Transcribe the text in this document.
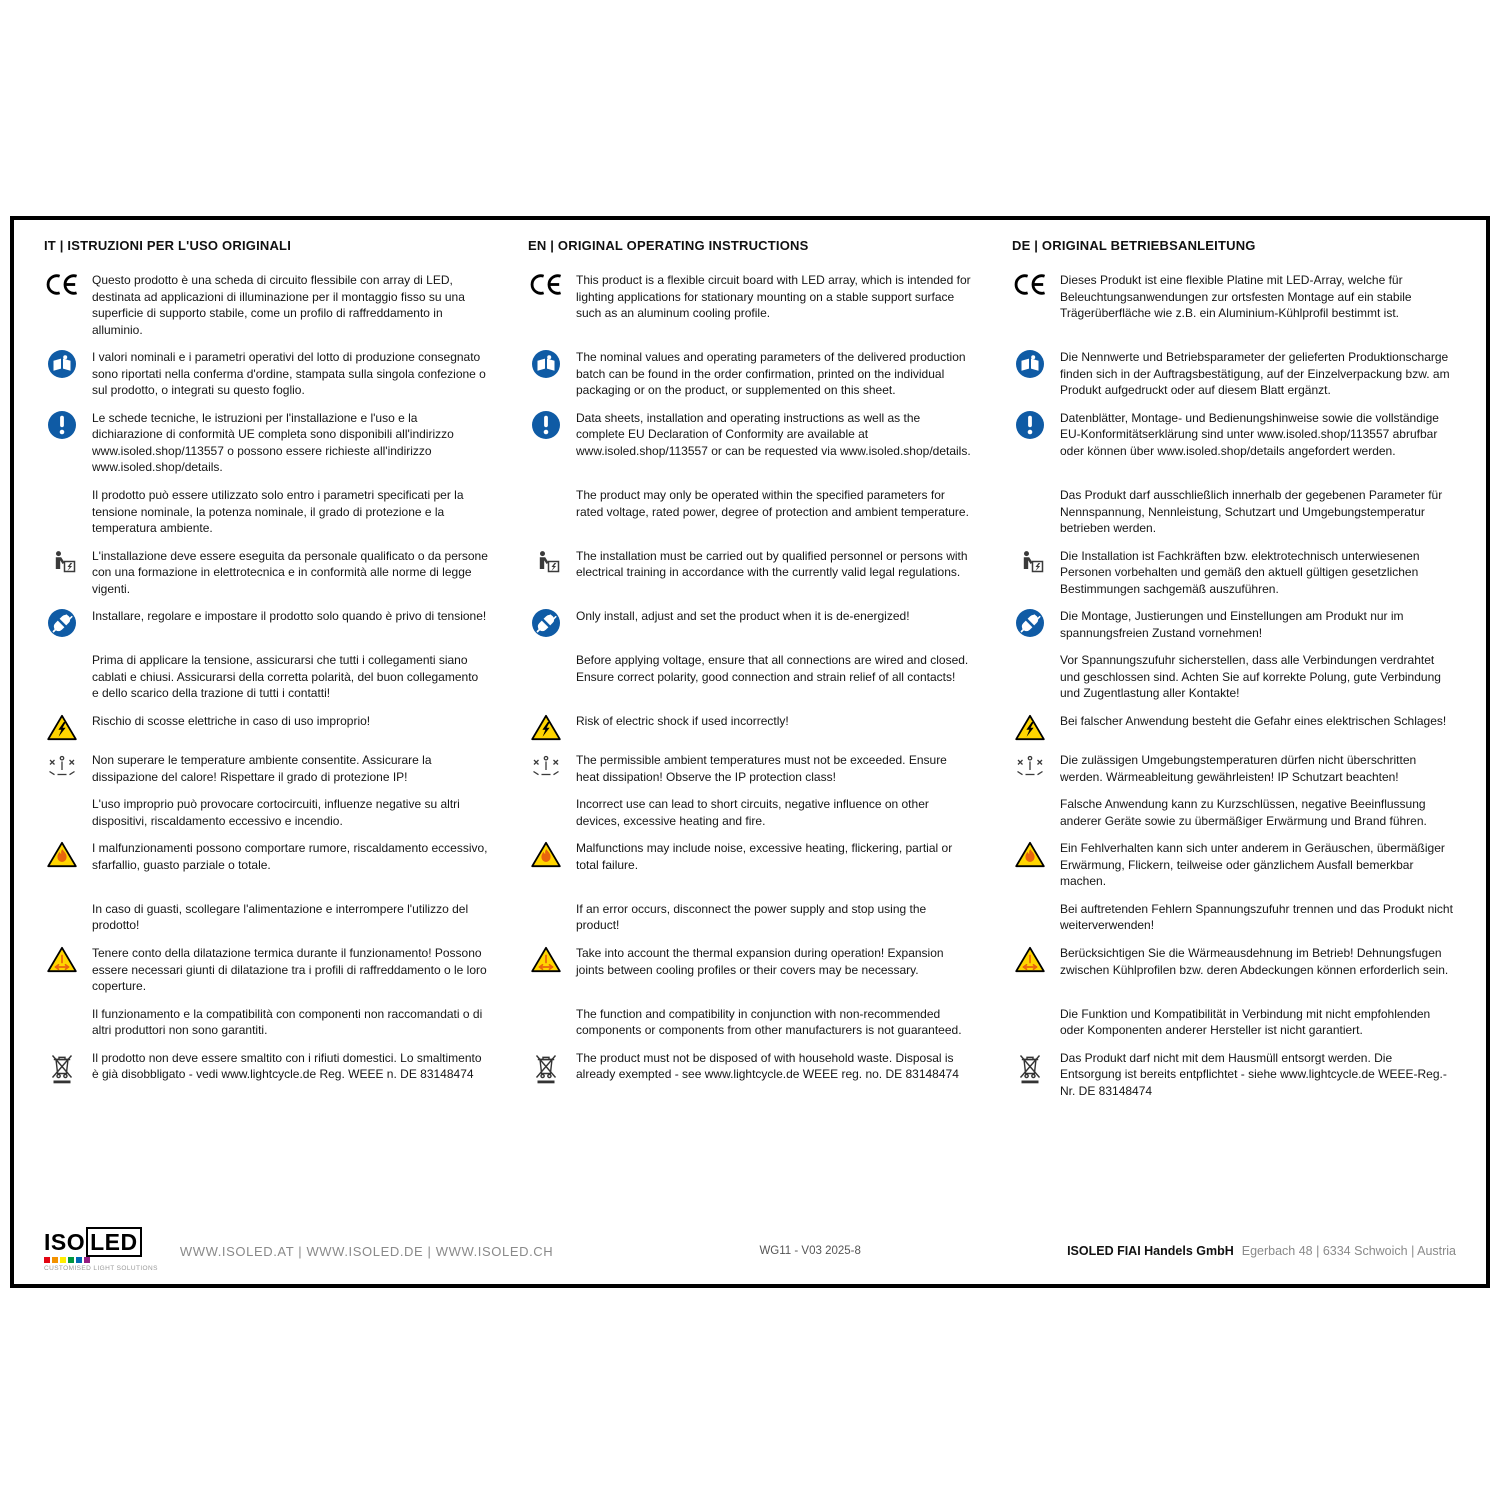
IT | ISTRUZIONI PER L'USO ORIGINALI	EN | ORIGINAL OPERATING INSTRUCTIONS	DE | ORIGINAL BETRIEBSANLEITUNG
Questo prodotto è una scheda di circuito flessibile con array di LED, destinata ad applicazioni di illuminazione per il montaggio fisso su una superficie di supporto stabile, come un profilo di raffreddamento in alluminio.
This product is a flexible circuit board with LED array, which is intended for lighting applications for stationary mounting on a stable support surface such as an aluminum cooling profile.
Dieses Produkt ist eine flexible Platine mit LED-Array, welche für Beleuchtungsanwendungen zur ortsfesten Montage auf ein stabile Trägerüberfläche wie z.B. ein Aluminium-Kühlprofil bestimmt ist.
I valori nominali e i parametri operativi del lotto di produzione consegnato sono riportati nella conferma d'ordine, stampata sulla singola confezione o sul prodotto, o integrati su questo foglio.
The nominal values and operating parameters of the delivered production batch can be found in the order confirmation, printed on the individual packaging or on the product, or supplemented on this sheet.
Die Nennwerte und Betriebsparameter der gelieferten Produktionscharge finden sich in der Auftragsbestätigung, auf der Einzelverpackung bzw. am Produkt aufgedruckt oder auf diesem Blatt ergänzt.
Le schede tecniche, le istruzioni per l'installazione e l'uso e la dichiarazione di conformità UE completa sono disponibili all'indirizzo www.isoled.shop/113557 o possono essere richieste all'indirizzo www.isoled.shop/details.
Data sheets, installation and operating instructions as well as the complete EU Declaration of Conformity are available at www.isoled.shop/113557 or can be requested via www.isoled.shop/details.
Datenblätter, Montage- und Bedienungshinweise sowie die vollständige EU-Konformitätserklärung sind unter www.isoled.shop/113557 abrufbar oder können über www.isoled.shop/details angefordert werden.
Il prodotto può essere utilizzato solo entro i parametri specificati per la tensione nominale, la potenza nominale, il grado di protezione e la temperatura ambiente.
The product may only be operated within the specified parameters for rated voltage, rated power, degree of protection and ambient temperature.
Das Produkt darf ausschließlich innerhalb der gegebenen Parameter für Nennspannung, Nennleistung, Schutzart und Umgebungstemperatur betrieben werden.
L'installazione deve essere eseguita da personale qualificato o da persone con una formazione in elettrotecnica e in conformità alle norme di legge vigenti.
The installation must be carried out by qualified personnel or persons with electrical training in accordance with the currently valid legal regulations.
Die Installation ist Fachkräften bzw. elektrotechnisch unterwiesenen Personen vorbehalten und gemäß den aktuell gültigen gesetzlichen Bestimmungen sachgemäß auszuführen.
Installare, regolare e impostare il prodotto solo quando è privo di tensione!	Only install, adjust and set the product when it is de-energized!	Die Montage, Justierungen und Einstellungen am Produkt nur im spannungsfreien Zustand vornehmen!
Prima di applicare la tensione, assicurarsi che tutti i collegamenti siano cablati e chiusi. Assicurarsi della corretta polarità, del buon collegamento e dello scarico della trazione di tutti i contatti!
Before applying voltage, ensure that all connections are wired and closed. Ensure correct polarity, good connection and strain relief of all contacts!
Vor Spannungszufuhr sicherstellen, dass alle Verbindungen verdrahtet und geschlossen sind. Achten Sie auf korrekte Polung, gute Verbindung und Zugentlastung aller Kontakte!
Rischio di scosse elettriche in caso di uso improprio!	Risk of electric shock if used incorrectly!	Bei falscher Anwendung besteht die Gefahr eines elektrischen Schlages!
Non superare le temperature ambiente consentite. Assicurare la dissipazione del calore! Rispettare il grado di protezione IP!
The permissible ambient temperatures must not be exceeded. Ensure heat dissipation! Observe the IP protection class!
Die zulässigen Umgebungstemperaturen dürfen nicht überschritten werden. Wärmeableitung gewährleisten! IP Schutzart beachten!
L'uso improprio può provocare cortocircuiti, influenze negative su altri dispositivi, riscaldamento eccessivo e incendio.
Incorrect use can lead to short circuits, negative influence on other devices, excessive heating and fire.
Falsche Anwendung kann zu Kurzschlüssen, negative Beeinflussung anderer Geräte sowie zu übermäßiger Erwärmung und Brand führen.
I malfunzionamenti possono comportare rumore, riscaldamento eccessivo, sfarfallio, guasto parziale o totale.
Malfunctions may include noise, excessive heating, flickering, partial or total failure.
Ein Fehlverhalten kann sich unter anderem in Geräuschen, übermäßiger Erwärmung, Flickern, teilweise oder gänzlichem Ausfall bemerkbar machen.
In caso di guasti, scollegare l'alimentazione e interrompere l'utilizzo del prodotto!
If an error occurs, disconnect the power supply and stop using the product!
Bei auftretenden Fehlern Spannungszufuhr trennen und das Produkt nicht weiterverwenden!
Tenere conto della dilatazione termica durante il funzionamento! Possono essere necessari giunti di dilatazione tra i profili di raffreddamento o le loro coperture.
Take into account the thermal expansion during operation! Expansion joints between cooling profiles or their covers may be necessary.
Berücksichtigen Sie die Wärmeausdehnung im Betrieb! Dehnungsfugen zwischen Kühlprofilen bzw. deren Abdeckungen können erforderlich sein.
Il funzionamento e la compatibilità con componenti non raccomandati o di altri produttori non sono garantiti.
The function and compatibility in conjunction with non-recommended components or components from other manufacturers is not guaranteed.
Die Funktion und Kompatibilität in Verbindung mit nicht empfohlenden oder Komponenten anderer Hersteller ist nicht garantiert.
Il prodotto non deve essere smaltito con i rifiuti domestici. Lo smaltimento è già disobbligato - vedi www.lightcycle.de Reg. WEEE n. DE 83148474
The product must not be disposed of with household waste. Disposal is already exempted - see www.lightcycle.de WEEE reg. no. DE 83148474
Das Produkt darf nicht mit dem Hausmüll entsorgt werden. Die Entsorgung ist bereits entpflichtet - siehe www.lightcycle.de WEEE-Reg.-Nr. DE 83148474
ISO LED
CUSTOMISED LIGHT SOLUTIONS
WWW.ISOLED.AT | WWW.ISOLED.DE | WWW.ISOLED.CH	WG11 - V03 2025-8	ISOLED FIAI Handels GmbH Egerbach 48 | 6334 Schwoich | Austria
